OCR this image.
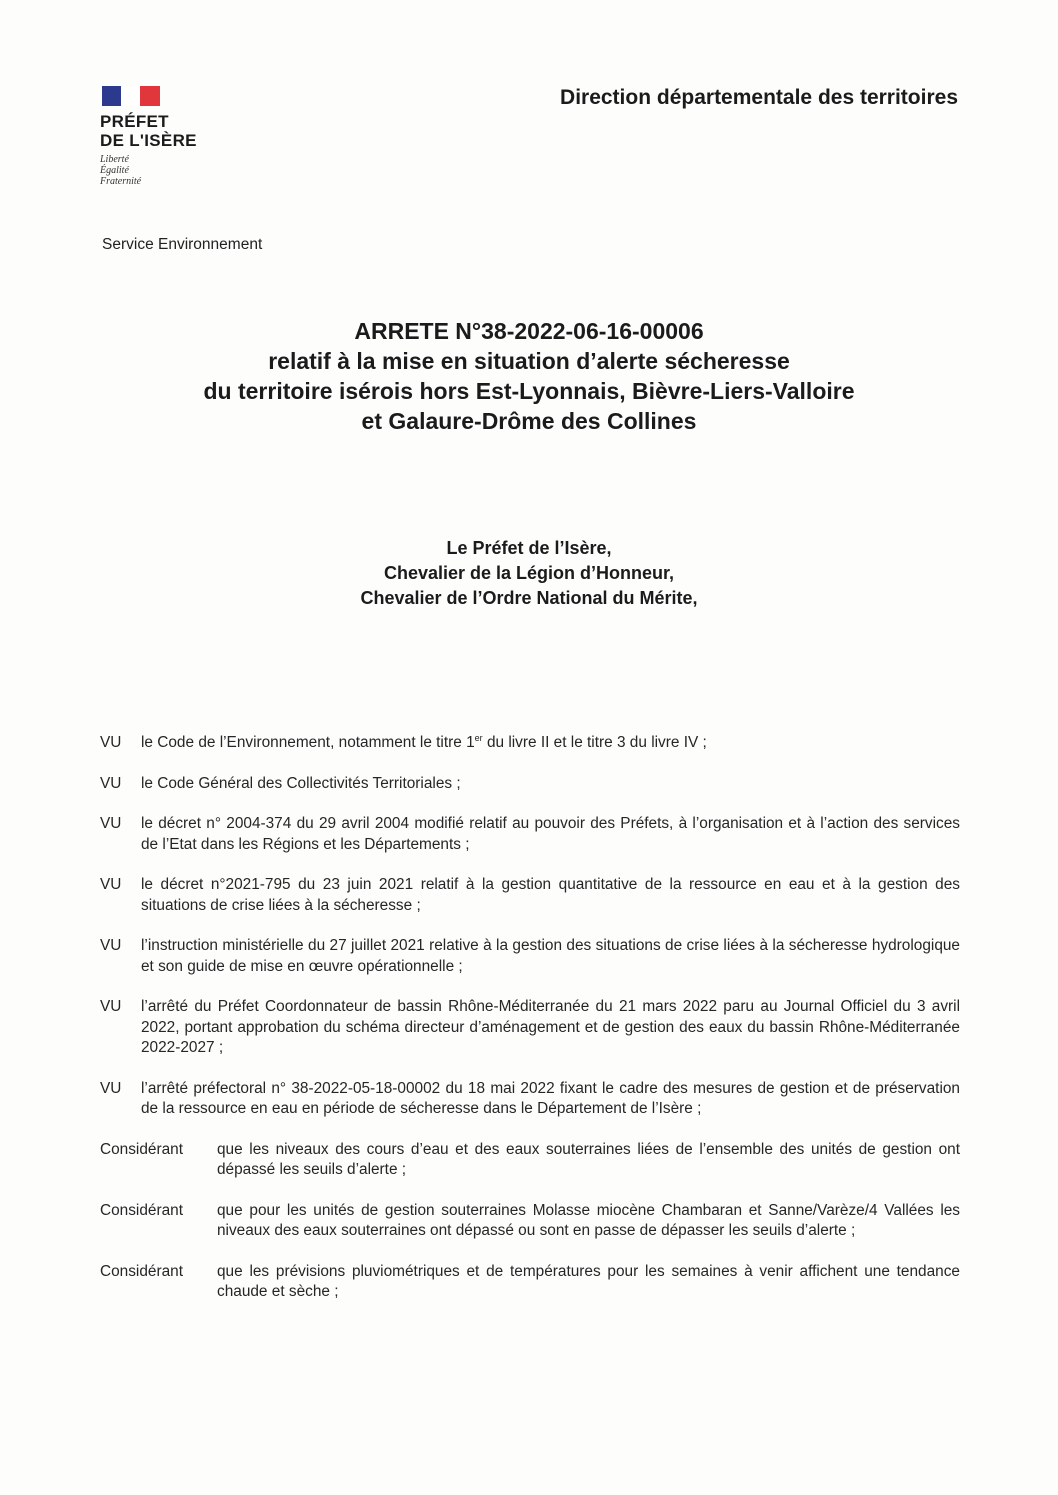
PRÉFET
DE L'ISÈRE
Liberté
Égalité
Fraternité
Direction départementale des territoires
Service Environnement
ARRETE N°38-2022-06-16-00006
relatif à la mise en situation d’alerte sécheresse
du territoire isérois hors Est-Lyonnais, Bièvre-Liers-Valloire
et Galaure-Drôme des Collines
Le Préfet de l’Isère,
Chevalier de la Légion d’Honneur,
Chevalier de l’Ordre National du Mérite,
VU	le Code de l’Environnement, notamment le titre 1er du livre II et le titre 3 du livre IV ;
VU	le Code Général des Collectivités Territoriales ;
VU	le décret n° 2004-374 du 29 avril 2004 modifié relatif au pouvoir des Préfets, à l’organisation et à l’action des services de l’Etat dans les Régions et les Départements ;
VU	le décret n°2021-795 du 23 juin 2021 relatif à la gestion quantitative de la ressource en eau et à la gestion des situations de crise liées à la sécheresse ;
VU	l’instruction ministérielle du 27 juillet 2021 relative à la gestion des situations de crise liées à la sécheresse hydrologique et son guide de mise en œuvre opérationnelle ;
VU	l’arrêté du Préfet Coordonnateur de bassin Rhône-Méditerranée du 21 mars 2022 paru au Journal Officiel du 3 avril 2022, portant approbation du schéma directeur d’aménagement et de gestion des eaux du bassin Rhône-Méditerranée 2022-2027 ;
VU	l’arrêté préfectoral n° 38-2022-05-18-00002 du 18 mai 2022 fixant le cadre des mesures de gestion et de préservation de la ressource en eau en période de sécheresse dans le Département de l’Isère ;
Considérant	que les niveaux des cours d’eau et des eaux souterraines liées de l’ensemble des unités de gestion ont dépassé les seuils d’alerte ;
Considérant	que pour les unités de gestion souterraines Molasse miocène Chambaran et Sanne/Varèze/4 Vallées les niveaux des eaux souterraines ont dépassé ou sont en passe de dépasser les seuils d’alerte ;
Considérant	que les prévisions pluviométriques et de températures pour les semaines à venir affichent une tendance chaude et sèche ;
